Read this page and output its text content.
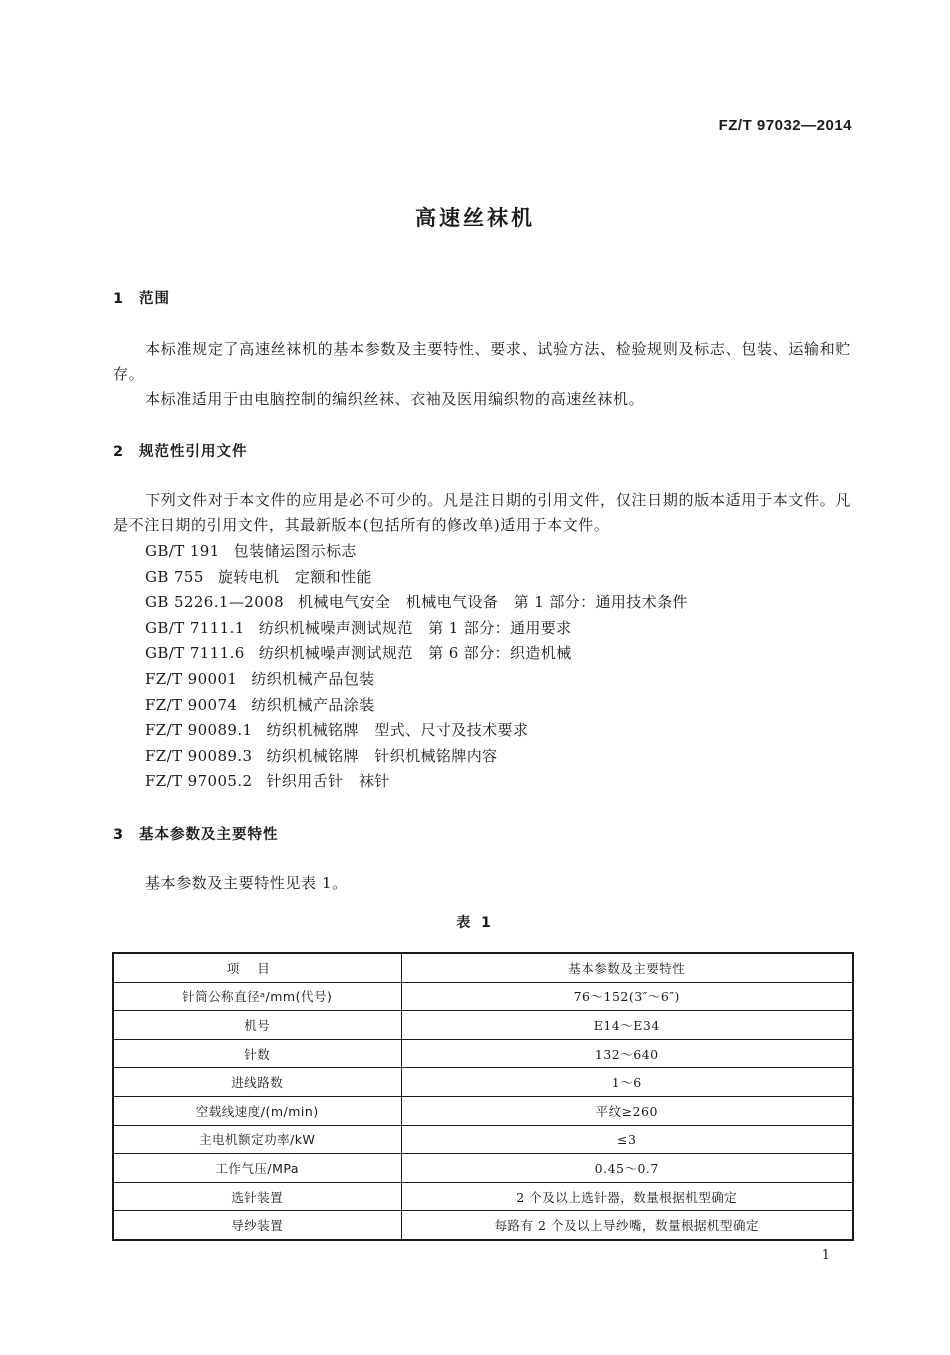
FZ/T 97032—2014
高速丝袜机
1 范围
本标准规定了高速丝袜机的基本参数及主要特性、要求、试验方法、检验规则及标志、包装、运输和贮存。
本标准适用于由电脑控制的编织丝袜、衣袖及医用编织物的高速丝袜机。
2 规范性引用文件
下列文件对于本文件的应用是必不可少的。凡是注日期的引用文件，仅注日期的版本适用于本文件。凡是不注日期的引用文件，其最新版本(包括所有的修改单)适用于本文件。
GB/T 191 包装储运图示标志
GB 755 旋转电机　定额和性能
GB 5226.1—2008 机械电气安全　机械电气设备　第 1 部分：通用技术条件
GB/T 7111.1 纺织机械噪声测试规范　第 1 部分：通用要求
GB/T 7111.6 纺织机械噪声测试规范　第 6 部分：织造机械
FZ/T 90001 纺织机械产品包装
FZ/T 90074 纺织机械产品涂装
FZ/T 90089.1 纺织机械铭牌　型式、尺寸及技术要求
FZ/T 90089.3 纺织机械铭牌　针织机械铭牌内容
FZ/T 97005.2 针织用舌针　袜针
3 基本参数及主要特性
基本参数及主要特性见表 1。
表 1
项目	基本参数及主要特性
针筒公称直径ᵃ/mm(代号)	76～152(3″～6″)
机号	E14～E34
针数	132～640
进线路数	1～6
空载线速度/(m/min)	平纹≥260
主电机额定功率/kW	≤3
工作气压/MPa	0.45～0.7
选针装置	2 个及以上选针器，数量根据机型确定
导纱装置	每路有 2 个及以上导纱嘴，数量根据机型确定
1
